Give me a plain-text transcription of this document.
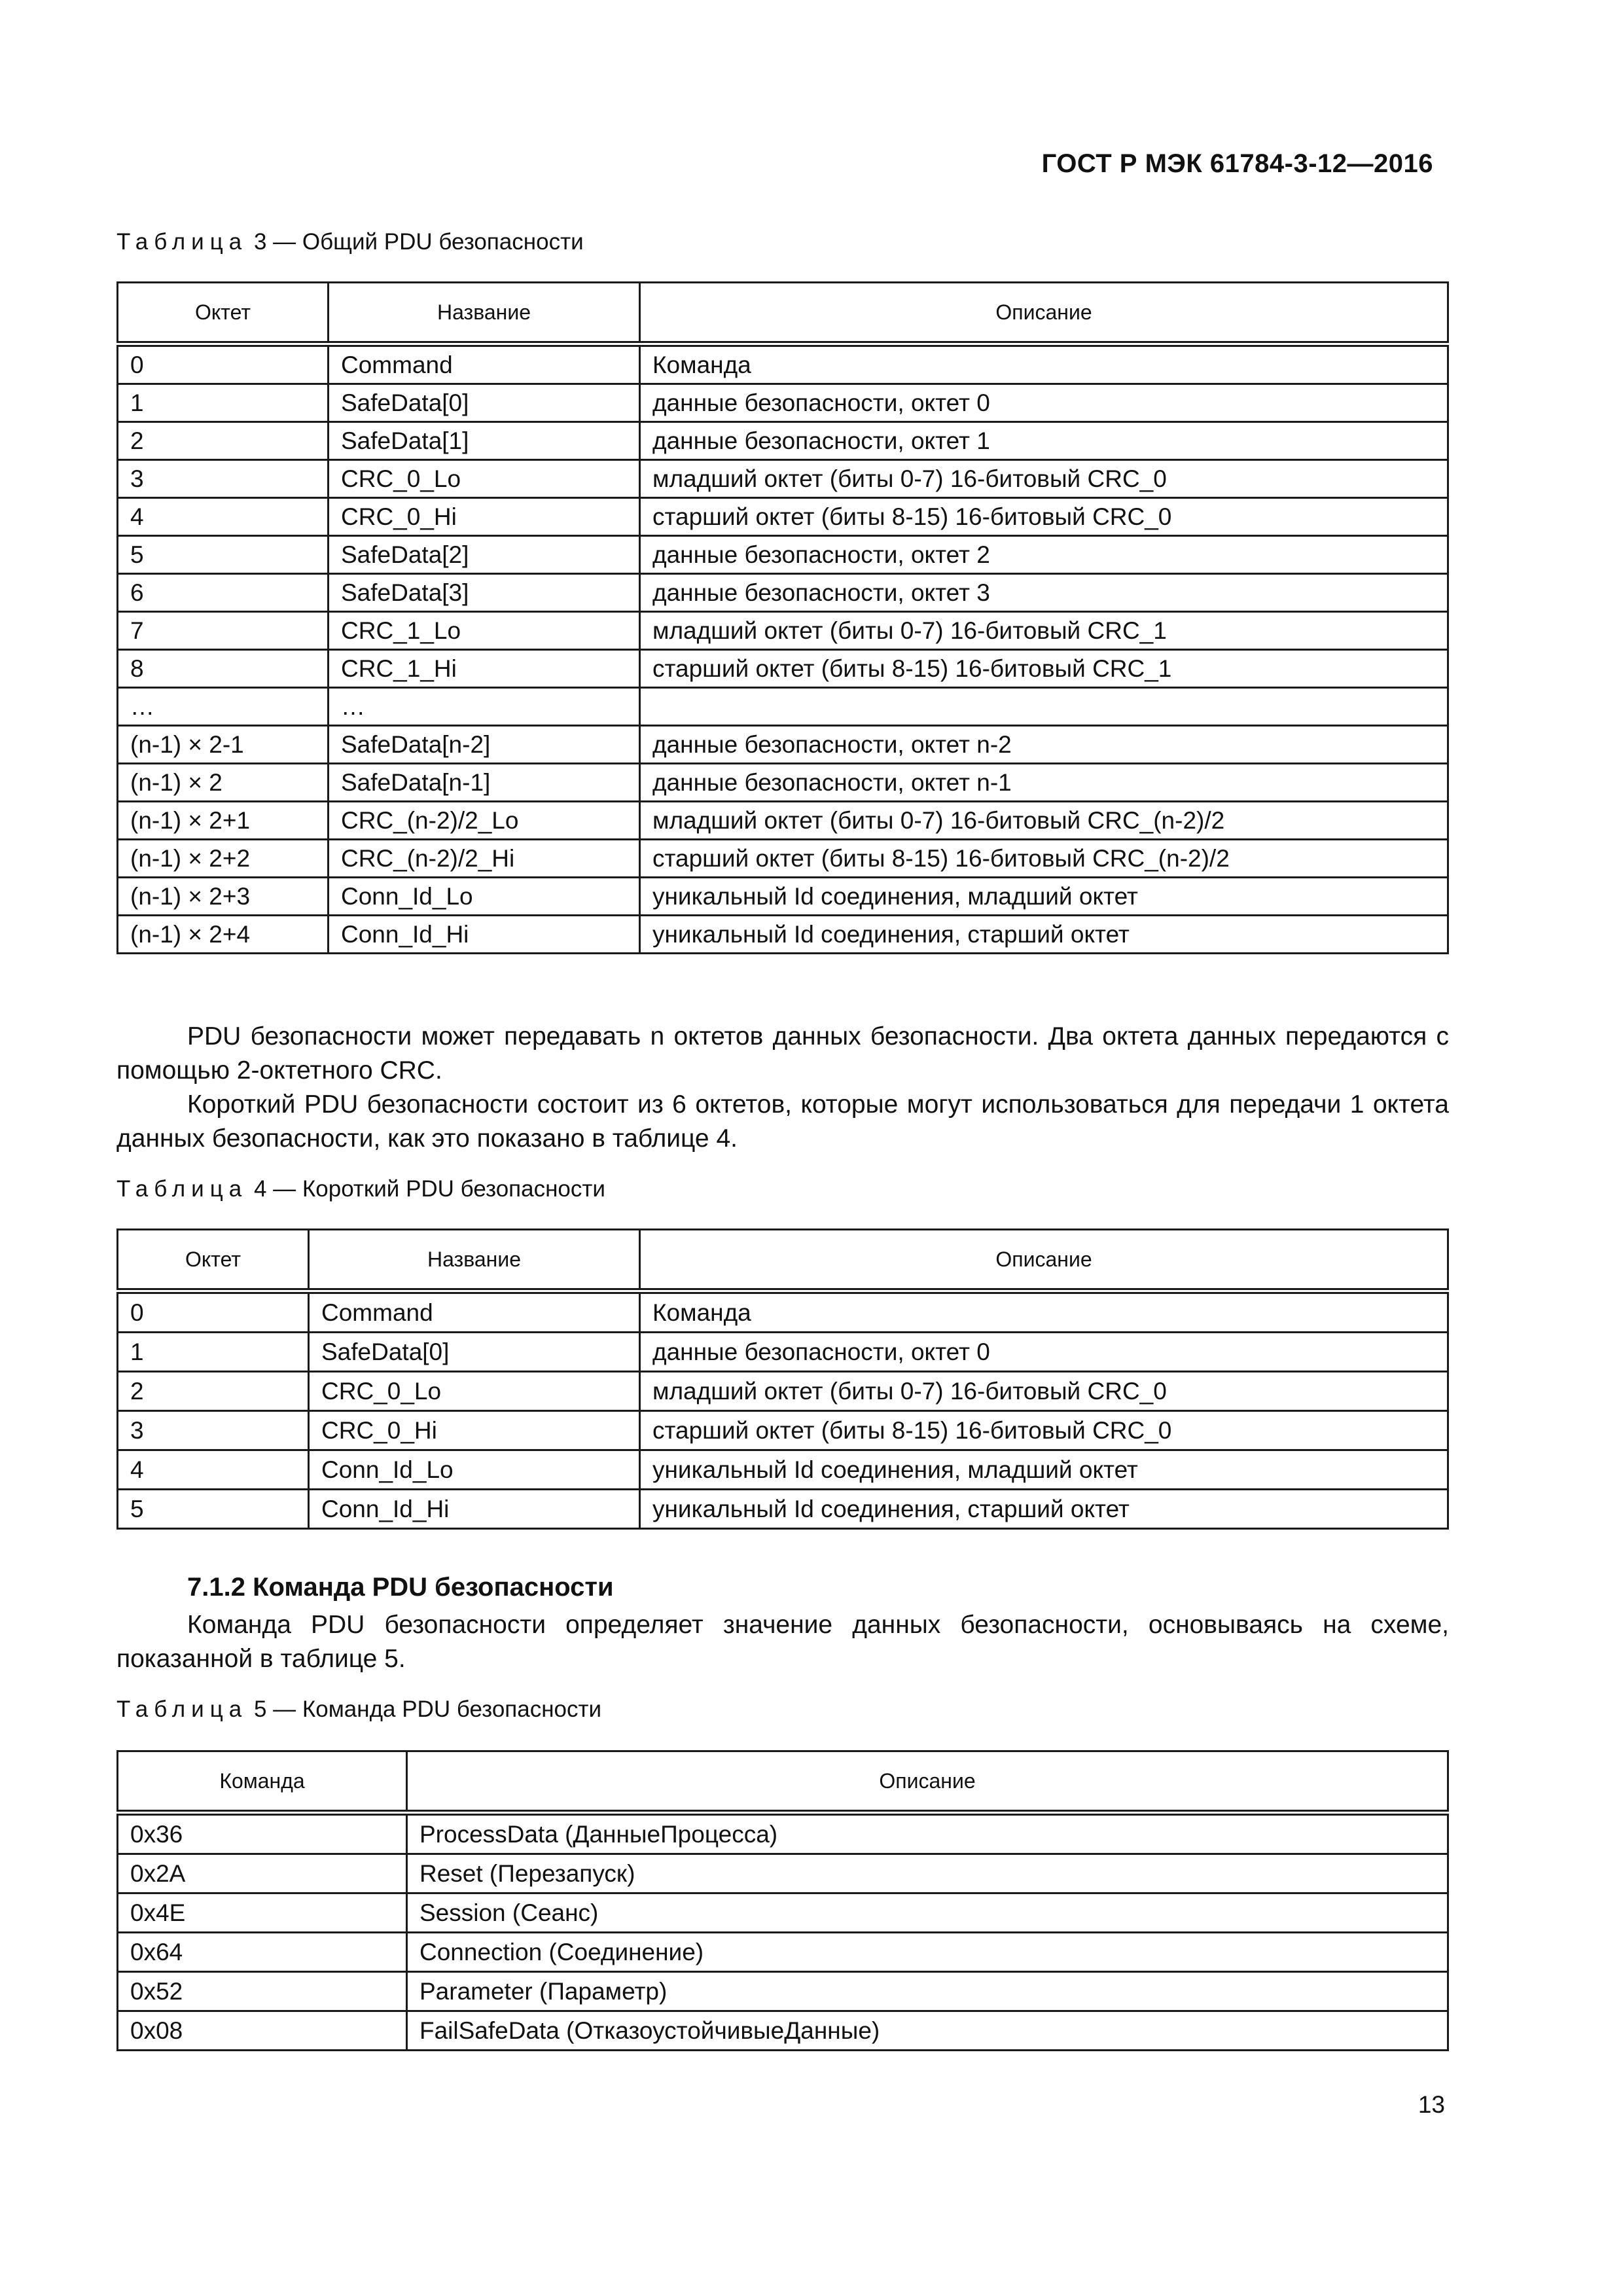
ГОСТ Р МЭК 61784-3-12—2016
Таблица 3 — Общий PDU безопасности
Октет	Название	Описание
0	Command	Команда
1	SafeData[0]	данные безопасности, октет 0
2	SafeData[1]	данные безопасности, октет 1
3	CRC_0_Lo	младший октет (биты 0-7) 16-битовый CRC_0
4	CRC_0_Hi	старший октет (биты 8-15) 16-битовый CRC_0
5	SafeData[2]	данные безопасности, октет 2
6	SafeData[3]	данные безопасности, октет 3
7	CRC_1_Lo	младший октет (биты 0-7) 16-битовый CRC_1
8	CRC_1_Hi	старший октет (биты 8-15) 16-битовый CRC_1
…	…	
(n-1) × 2-1	SafeData[n-2]	данные безопасности, октет n-2
(n-1) × 2	SafeData[n-1]	данные безопасности, октет n-1
(n-1) × 2+1	CRC_(n-2)/2_Lo	младший октет (биты 0-7) 16-битовый CRC_(n-2)/2
(n-1) × 2+2	CRC_(n-2)/2_Hi	старший октет (биты 8-15) 16-битовый CRC_(n-2)/2
(n-1) × 2+3	Conn_Id_Lo	уникальный Id соединения, младший октет
(n-1) × 2+4	Conn_Id_Hi	уникальный Id соединения, старший октет
PDU безопасности может передавать n октетов данных безопасности. Два октета данных передаются с помощью 2-октетного CRC.
Короткий PDU безопасности состоит из 6 октетов, которые могут использоваться для передачи 1 октета данных безопасности, как это показано в таблице 4.
Таблица 4 — Короткий PDU безопасности
Октет	Название	Описание
0	Command	Команда
1	SafeData[0]	данные безопасности, октет 0
2	CRC_0_Lo	младший октет (биты 0-7) 16-битовый CRC_0
3	CRC_0_Hi	старший октет (биты 8-15) 16-битовый CRC_0
4	Conn_Id_Lo	уникальный Id соединения, младший октет
5	Conn_Id_Hi	уникальный Id соединения, старший октет
7.1.2 Команда PDU безопасности
Команда PDU безопасности определяет значение данных безопасности, основываясь на схеме, показанной в таблице 5.
Таблица 5 — Команда PDU безопасности
Команда	Описание
0x36	ProcessData (ДанныеПроцесса)
0x2A	Reset (Перезапуск)
0x4E	Session (Сеанс)
0x64	Connection (Соединение)
0x52	Parameter (Параметр)
0x08	FailSafeData (ОтказоустойчивыеДанные)
13
